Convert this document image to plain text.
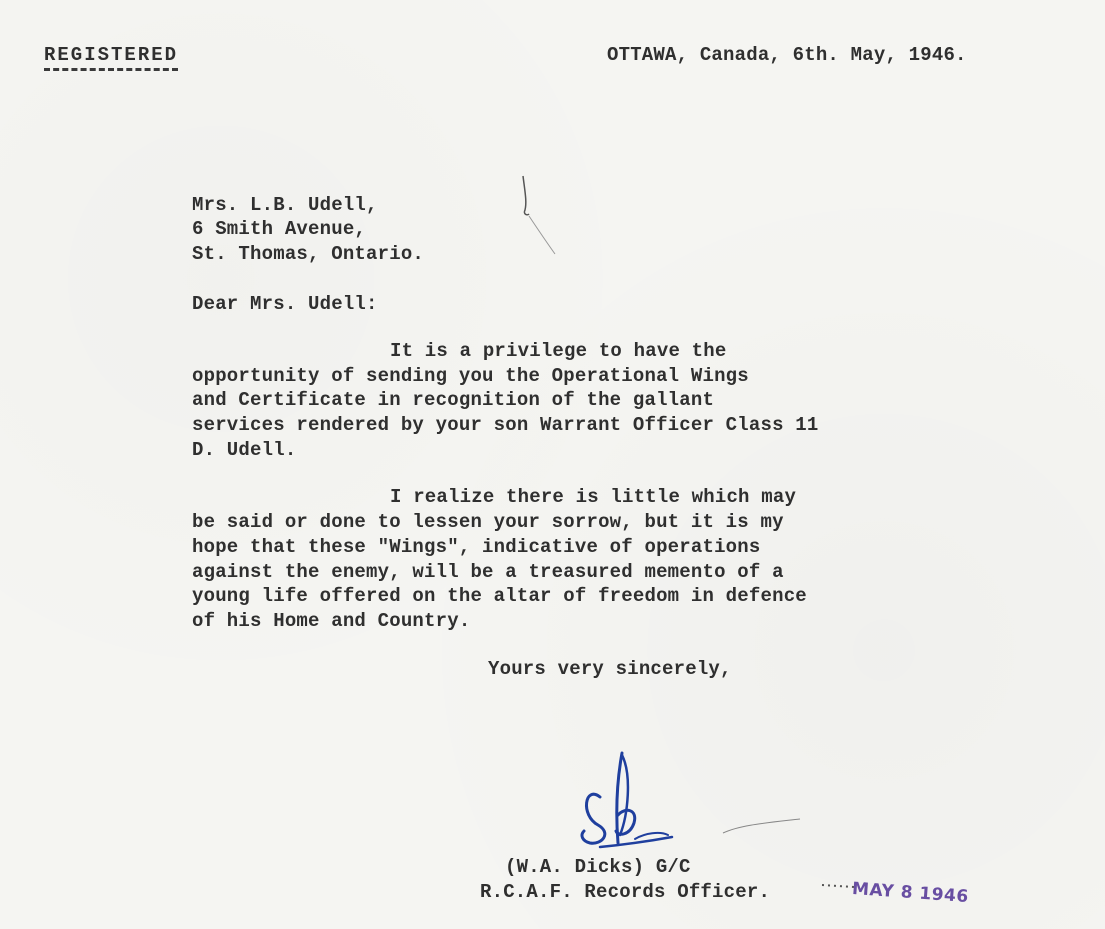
REGISTERED	OTTAWA, Canada, 6th. May, 1946.
Mrs. L.B. Udell,
6 Smith Avenue,
St. Thomas, Ontario.
Dear Mrs. Udell:
It is a privilege to have the
opportunity of sending you the Operational Wings
and Certificate in recognition of the gallant
services rendered by your son Warrant Officer Class 11
D. Udell.
I realize there is little which may
be said or done to lessen your sorrow, but it is my
hope that these "Wings", indicative of operations
against the enemy, will be a treasured memento of a
young life offered on the altar of freedom in defence
of his Home and Country.
Yours very sincerely,
(W.A. Dicks) G/C
R.C.A.F. Records Officer.	MAY 8 1946
